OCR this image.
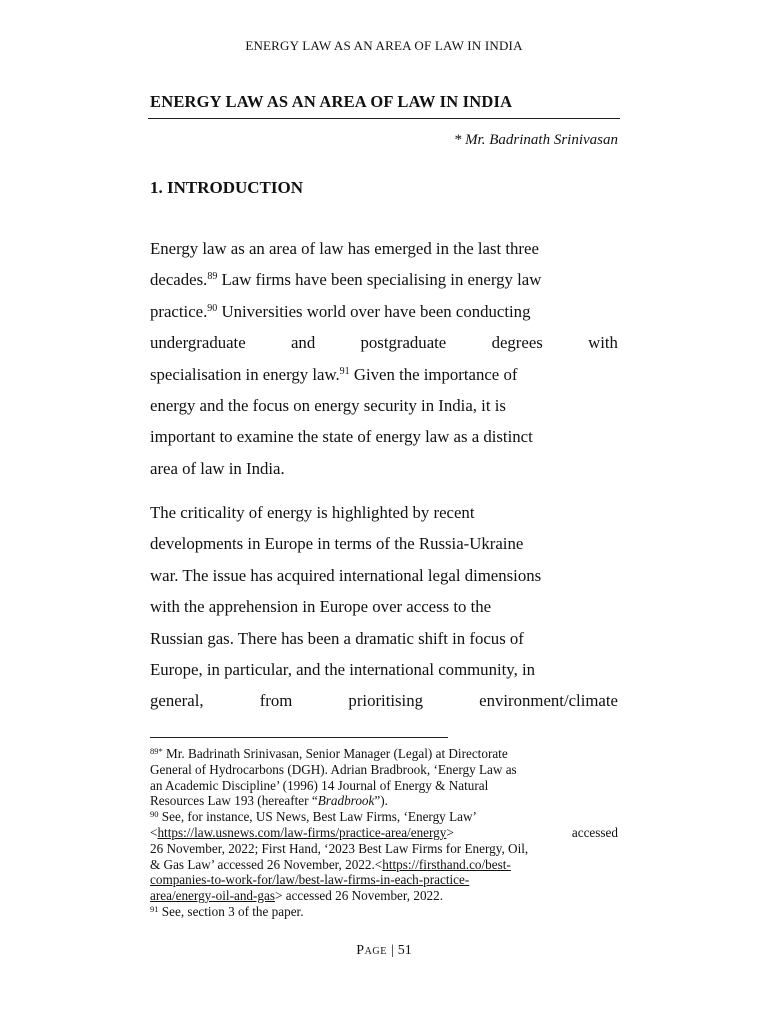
ENERGY LAW AS AN AREA OF LAW IN INDIA
ENERGY LAW AS AN AREA OF LAW IN INDIA
* Mr. Badrinath Srinivasan
1. INTRODUCTION
Energy law as an area of law has emerged in the last three
decades.$^{89}$ Law firms have been specialising in energy law
practice.$^{90}$ Universities world over have been conducting
undergraduate	and	postgraduate	degrees	with
specialisation in energy law.$^{91}$ Given the importance of
energy and the focus on energy security in India, it is
important to examine the state of energy law as a distinct
area of law in India.
The criticality of energy is highlighted by recent
developments in Europe in terms of the Russia-Ukraine
war. The issue has acquired international legal dimensions
with the apprehension in Europe over access to the
Russian gas. There has been a dramatic shift in focus of
Europe, in particular, and the international community, in
general,	from	prioritising	environment/climate
$^{89*}$ Mr. Badrinath Srinivasan, Senior Manager (Legal) at Directorate
General of Hydrocarbons (DGH). Adrian Bradbrook, ‘Energy Law as
an Academic Discipline’ (1996) 14 Journal of Energy & Natural
Resources Law 193 (hereafter “Bradbrook”).
$^{90}$ See, for instance, US News, Best Law Firms, ‘Energy Law’
<https://law.usnews.com/law-firms/practice-area/energy>	accessed
26 November, 2022; First Hand, ‘2023 Best Law Firms for Energy, Oil,
& Gas Law’ accessed 26 November, 2022.<https://firsthand.co/best-
companies-to-work-for/law/best-law-firms-in-each-practice-
area/energy-oil-and-gas> accessed 26 November, 2022.
$^{91}$ See, section 3 of the paper.
Page | 51
